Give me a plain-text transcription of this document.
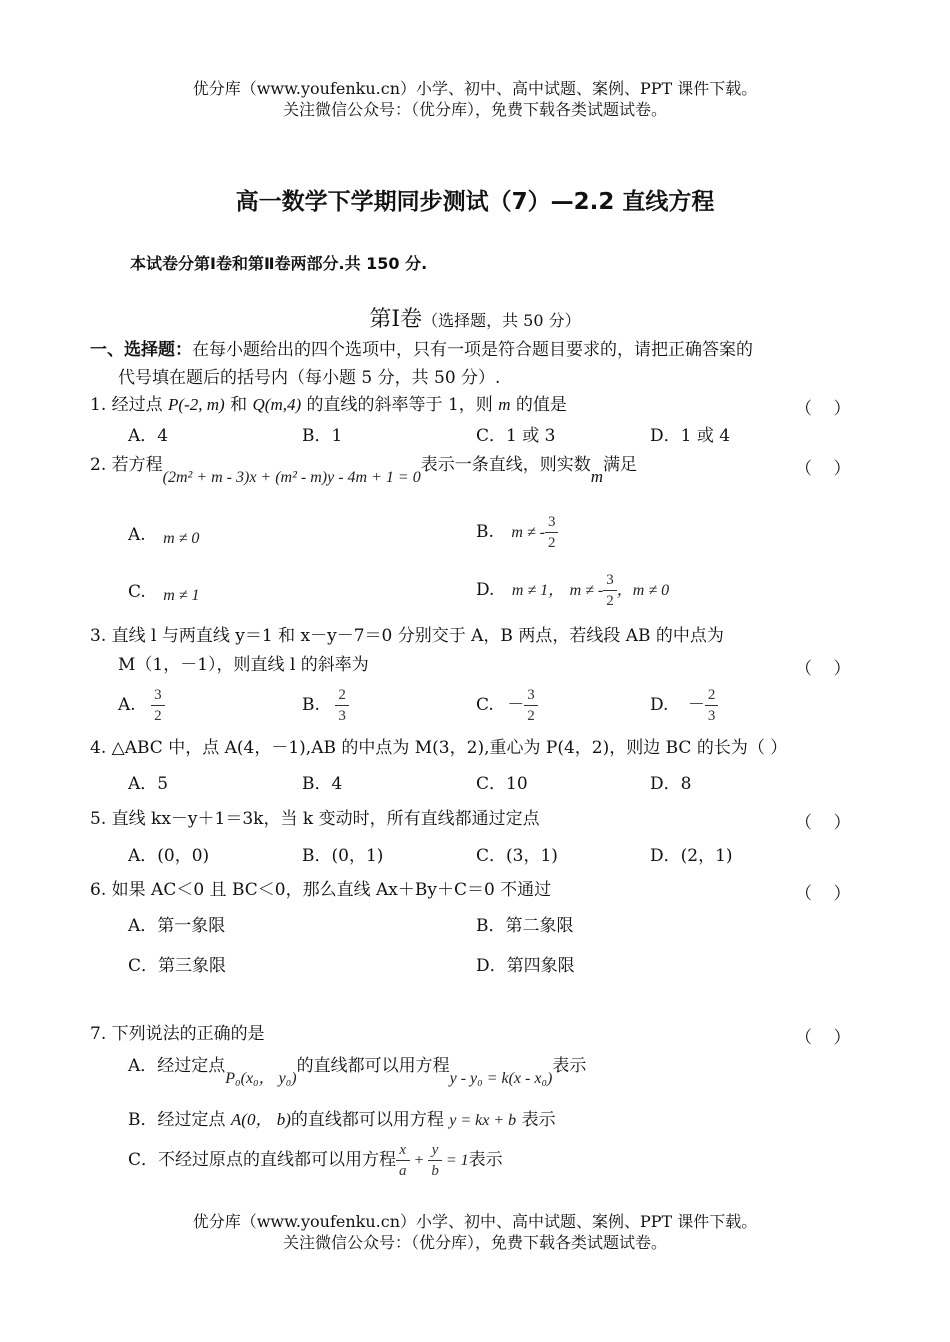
优分库（www.youfenku.cn）小学、初中、高中试题、案例、PPT 课件下载。
关注微信公众号：（优分库），免费下载各类试题试卷。
高一数学下学期同步测试（7）—2.2 直线方程
本试卷分第Ⅰ卷和第Ⅱ卷两部分.共 150 分.
第Ⅰ卷（选择题，共 50 分）
一、选择题：在每小题给出的四个选项中，只有一项是符合题目要求的，请把正确答案的
代号填在题后的括号内（每小题 5 分，共 50 分）.
1. 经过点 P(-2, m) 和 Q(m,4) 的直线的斜率等于 1，则 m 的值是	（    ）
A．4	B．1	C．1 或 3	D．1 或 4
2. 若方程(2m² + m - 3)x + (m² - m)y - 4m + 1 = 0表示一条直线，则实数m满足	（    ）
A. m ≠ 0	B. m ≠ - $\frac{3}{2}$
C. m ≠ 1	D. m ≠ 1， m ≠ - $\frac{3}{2}$ ，m ≠ 0
3. 直线 l 与两直线 y＝1 和 x－y－7＝0 分别交于 A，B 两点，若线段 AB 的中点为
M（1，－1），则直线 l 的斜率为	（    ）
A. $\frac{3}{2}$	B. $\frac{2}{3}$	C. － $\frac{3}{2}$	D. － $\frac{2}{3}$
4. △ABC 中，点 A(4，－1),AB 的中点为 M(3，2),重心为 P(4，2)，则边 BC 的长为（ ）
A．5	B．4	C．10	D．8
5. 直线 kx－y＋1＝3k，当 k 变动时，所有直线都通过定点	（    ）
A．(0，0)	B．(0，1)	C．(3，1)	D．(2，1)
6. 如果 AC＜0 且 BC＜0，那么直线 Ax＋By＋C＝0 不通过	（    ）
A．第一象限	B．第二象限
C．第三象限	D．第四象限
7. 下列说法的正确的是	（    ）
A．经过定点P₀(x₀， y₀)的直线都可以用方程y - y₀ = k(x - x₀)表示
B．经过定点 A(0， b)的直线都可以用方程 y = kx + b 表示
C．不经过原点的直线都可以用方程 $\frac{x}{a} + \frac{y}{b} = 1$表示
优分库（www.youfenku.cn）小学、初中、高中试题、案例、PPT 课件下载。
关注微信公众号：（优分库），免费下载各类试题试卷。
